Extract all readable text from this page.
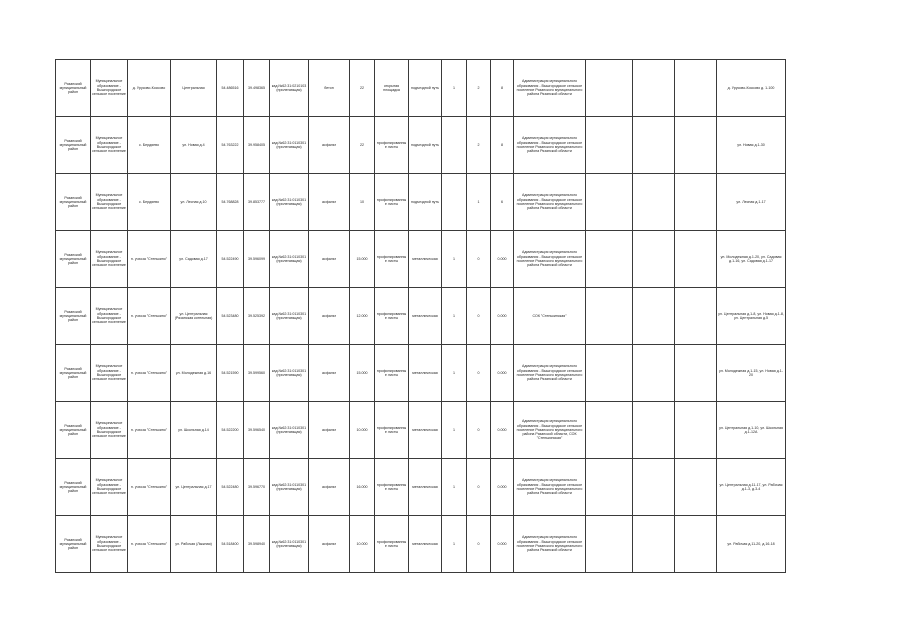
Рязанский муниципальный район	Муниципальное образование - Вышгородское сельское поселение	д. Урусово-Коссово	Центральная	54.486516	39.498365	кад.№62:31:0210103 (прилегающая)	бетон	22	открытая площадка	подъездной путь	1	2	8	Администрация муниципального образования - Вышгородское сельское поселение Рязанского муниципального района Рязанской области				д. Урусово-Коссово д. 1-100
Рязанский муниципальный район	Муниципальное образование - Вышгородское сельское поселение	с. Бердяево	ул. Новая д.4	54.763222	39.958405	кад.№62:31:0110301 (прилегающая)	асфальт	22	профилированные листы	подъездной путь		2	8	Администрация муниципального образования - Вышгородское сельское поселение Рязанского муниципального района Рязанской области				ул. Новая д.1-30
Рязанский муниципальный район	Муниципальное образование - Вышгородское сельское поселение	с. Бердяево	ул. Лесная д.10	54.768828	39.853777	кад.№62:31:0110301 (прилегающая)	асфальт	10	профилированные листы	подъездной путь		1	6	Администрация муниципального образования - Вышгородское сельское поселение Рязанского муниципального района Рязанской области				ул. Лесная д.1-17
Рязанский муниципальный район	Муниципальное образование - Вышгородское сельское поселение	п. учхоза "Стенькино"	ул. Садовая д.17	54.522490	39.596099	кад.№62:31:0110301 (прилегающая)	асфальт	15.000	профилированные листы	металлическая	1	0	0.000	Администрация муниципального образования - Вышгородское сельское поселение Рязанского муниципального района Рязанской области				ул. Молодежная д.1-20, ул. Садовая д.1-16, ул. Садовая д.1-17
Рязанский муниципальный район	Муниципальное образование - Вышгородское сельское поселение	п. учхоза "Стенькино"	ул. Центральная (Рязанская котельная)	54.523480	39.525392	кад.№62:31:0110301 (прилегающая)	асфальт	12.000	профилированные листы	металлическая	1	0	0.000	СОК "Стенькинская"				ул. Центральная д.1-8, ул. Новая д.1-8, ул. Центральная д.5
Рязанский муниципальный район	Муниципальное образование - Вышгородское сельское поселение	п. учхоза "Стенькино"	ул. Молодежная д.16	54.521590	39.599560	кад.№62:31:0110301 (прилегающая)	асфальт	15.000	профилированные листы	металлическая	1	0	0.000	Администрация муниципального образования - Вышгородское сельское поселение Рязанского муниципального района Рязанской области				ул. Молодежная д.1-15, ул. Новая д.1-20
Рязанский муниципальный район	Муниципальное образование - Вышгородское сельское поселение	п. учхоза "Стенькино"	ул. Школьная д.14	54.522200	39.596540	кад.№62:31:0110301 (прилегающая)	асфальт	10.000	профилированные листы	металлическая	1	0	0.000	Администрация муниципального образования - Вышгородское сельское поселение Рязанского муниципального района Рязанской области, СОК "Стенькинская"				ул. Центральная д.1-10, ул. Школьная д.1-12А
Рязанский муниципальный район	Муниципальное образование - Вышгородское сельское поселение	п. учхоза "Стенькино"	ул. Центральная д.17	54.522480	39.596770	кад.№62:31:0110301 (прилегающая)	асфальт	16.000	профилированные листы	металлическая	1	0	0.000	Администрация муниципального образования - Вышгородское сельское поселение Рязанского муниципального района Рязанской области				ул. Центральная д.11-17, ул. Рабочая д.1-3, д.3-4
Рязанский муниципальный район	Муниципальное образование - Вышгородское сельское поселение	п. учхоза "Стенькино"	ул. Рабочая (Лыжная)	54.518400	39.598940	кад.№62:31:0110301 (прилегающая)	асфальт	10.000	профилированные листы	металлическая	1	0	0.000	Администрация муниципального образования - Вышгородское сельское поселение Рязанского муниципального района Рязанской области				ул. Рабочая д.11-20, д.16-18
